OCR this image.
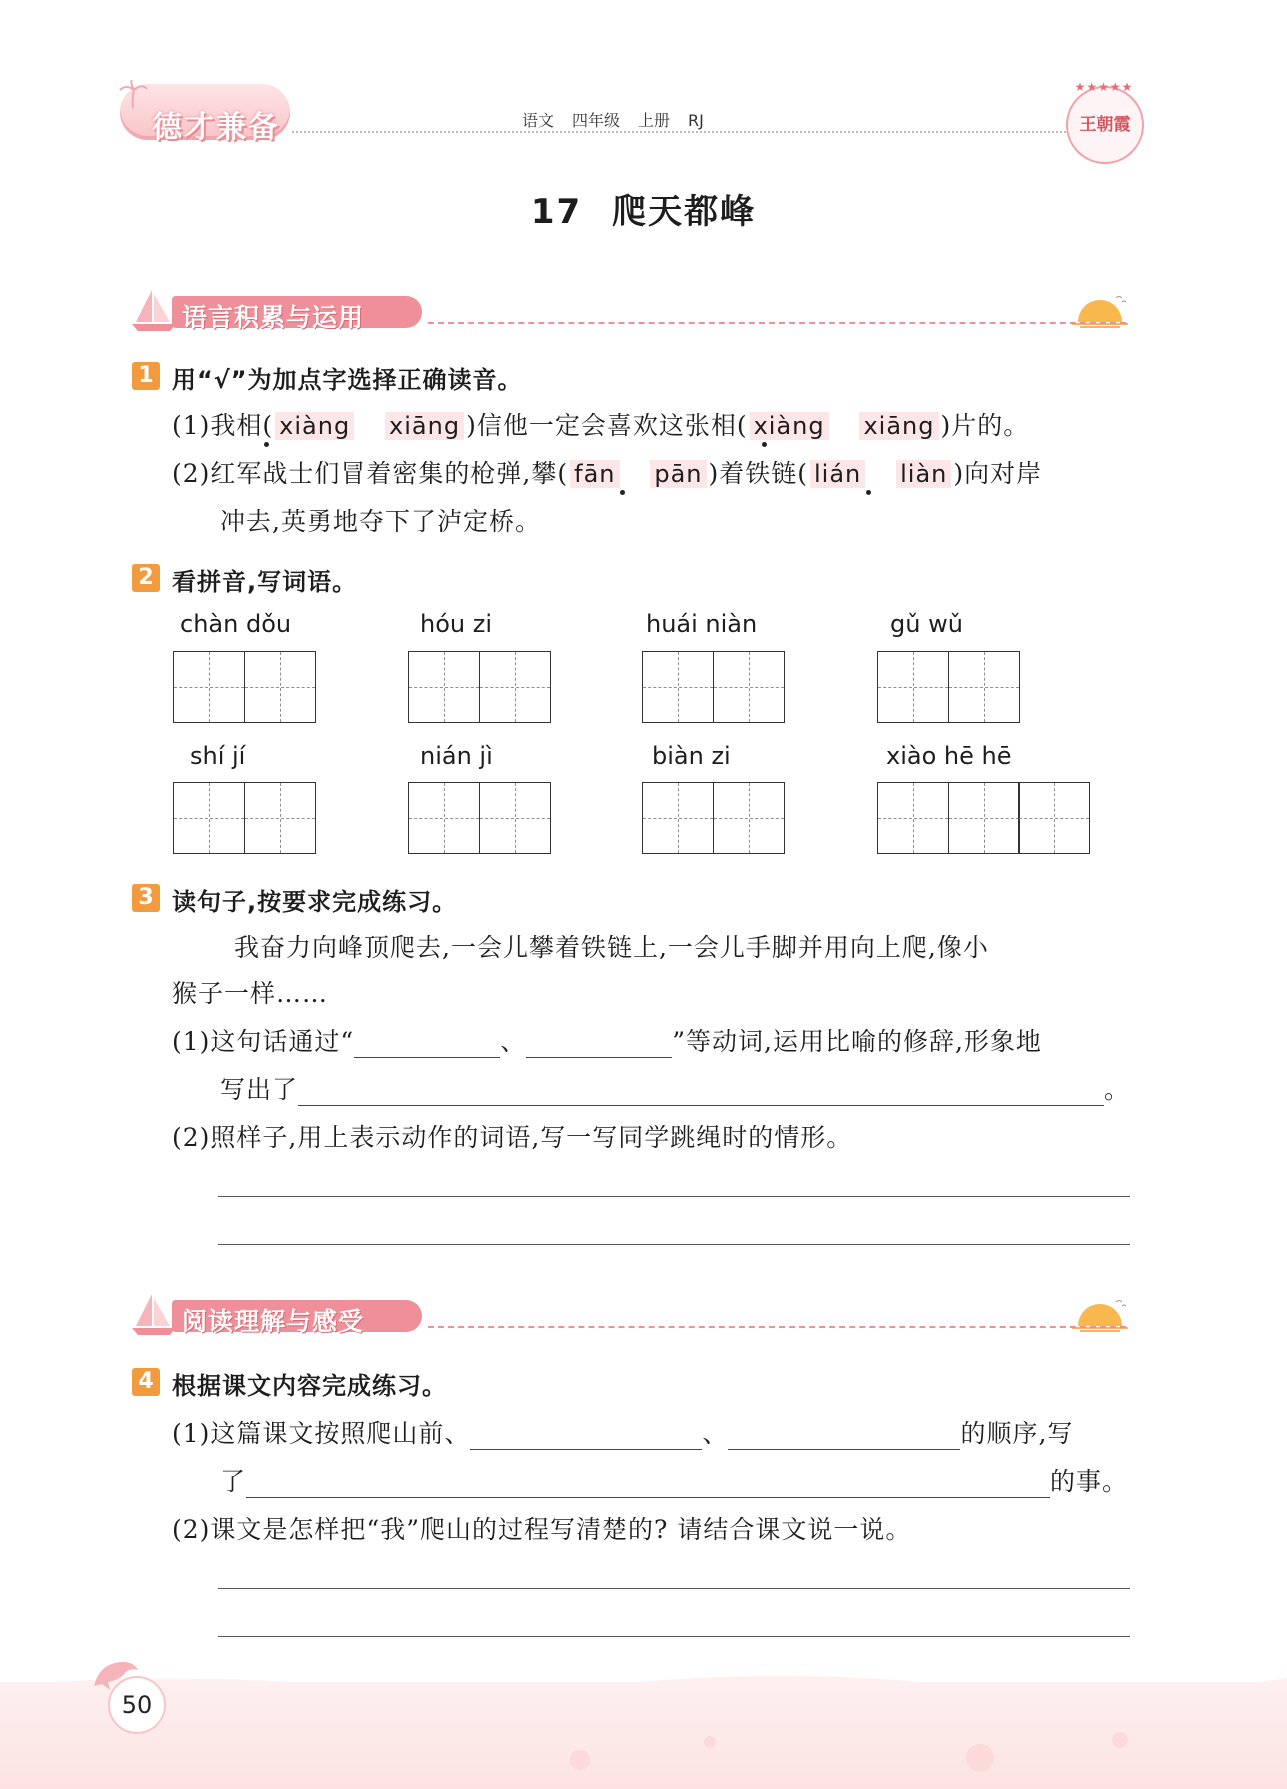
德才兼备	语文 四年级 上册 RJ
★★★★★
王朝霞
17 爬天都峰
语言积累与运用
1 用“√”为加点字选择正确读音。
(1)我相( xiàng xiāng )信他一定会喜欢这张相( xiàng xiāng )片的。
(2)红军战士们冒着密集的枪弹,攀( fān pān )着铁链( lián liàn )向对岸
冲去,英勇地夺下了泸定桥。
2 看拼音,写词语。
chàn dǒu	hóu zi	huái niàn	gǔ wǔ
shí jí	nián jì	biàn zi	xiào hē hē
3 读句子,按要求完成练习。
我奋力向峰顶爬去,一会儿攀着铁链上,一会儿手脚并用向上爬,像小
猴子一样……
(1)这句话通过“	、	”等动词,运用比喻的修辞,形象地
写出了	。
(2)照样子,用上表示动作的词语,写一写同学跳绳时的情形。
阅读理解与感受
4 根据课文内容完成练习。
(1)这篇课文按照爬山前、	、	的顺序,写
了	的事。
(2)课文是怎样把“我”爬山的过程写清楚的? 请结合课文说一说。
50
